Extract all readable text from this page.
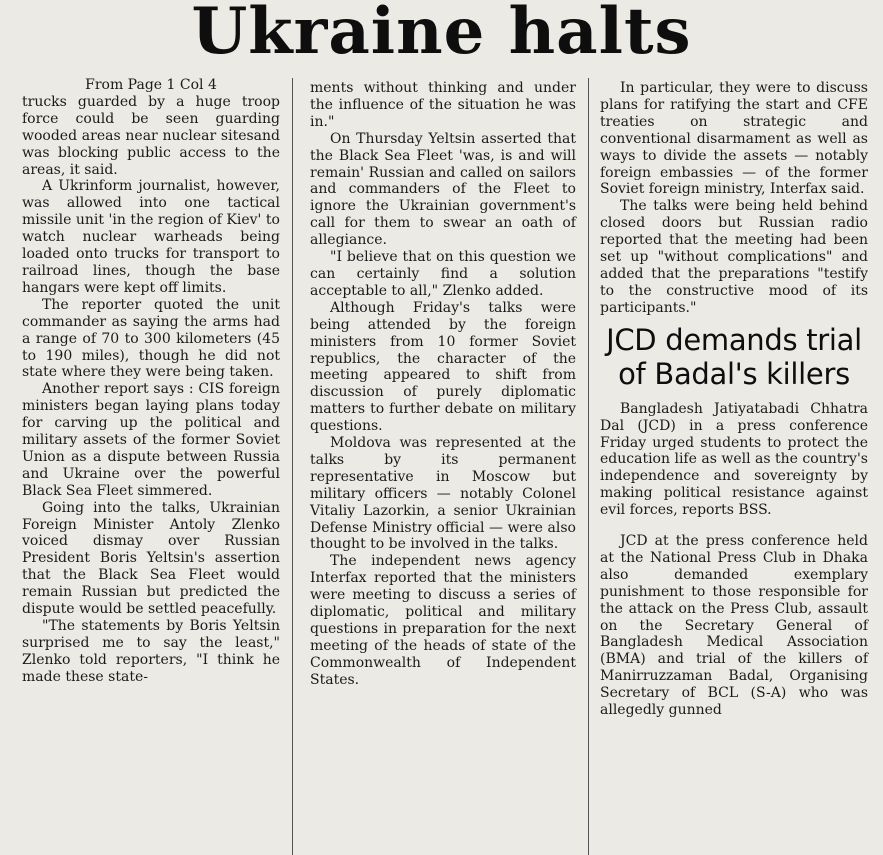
Ukraine halts

From Page 1 Col 4

trucks guarded by a huge troop force could be seen guarding wooded areas near nuclear sitesand was blocking public access to the areas, it said.

A Ukrinform journalist, however, was allowed into one tactical missile unit 'in the region of Kiev' to watch nuclear warheads being loaded onto trucks for transport to railroad lines, though the base hangars were kept off limits.

The reporter quoted the unit commander as saying the arms had a range of 70 to 300 kilometers (45 to 190 miles), though he did not state where they were being taken.

Another report says : CIS foreign ministers began laying plans today for carving up the political and military assets of the former Soviet Union as a dispute between Russia and Ukraine over the powerful Black Sea Fleet simmered.

Going into the talks, Ukrainian Foreign Minister Antoly Zlenko voiced dismay over Russian President Boris Yeltsin's assertion that the Black Sea Fleet would remain Russian but predicted the dispute would be settled peacefully.

"The statements by Boris Yeltsin surprised me to say the least," Zlenko told reporters, "I think he made these state-

ments without thinking and under the influence of the situation he was in."

On Thursday Yeltsin asserted that the Black Sea Fleet 'was, is and will remain' Russian and called on sailors and commanders of the Fleet to ignore the Ukrainian government's call for them to swear an oath of allegiance.

"I believe that on this question we can certainly find a solution acceptable to all," Zlenko added.

Although Friday's talks were being attended by the foreign ministers from 10 former Soviet republics, the character of the meeting appeared to shift from discussion of purely diplomatic matters to further debate on military questions.

Moldova was represented at the talks by its permanent representative in Moscow but military officers — notably Colonel Vitaliy Lazorkin, a senior Ukrainian Defense Ministry official — were also thought to be involved in the talks.

The independent news agency Interfax reported that the ministers were meeting to discuss a series of diplomatic, political and military questions in preparation for the next meeting of the heads of state of the Commonwealth of Independent States.

In particular, they were to discuss plans for ratifying the start and CFE treaties on strategic and conventional disarmament as well as ways to divide the assets — notably foreign embassies — of the former Soviet foreign ministry, Interfax said.

The talks were being held behind closed doors but Russian radio reported that the meeting had been set up "without complications" and added that the preparations "testify to the constructive mood of its participants."

JCD demands trial
of Badal's killers

Bangladesh Jatiyatabadi Chhatra Dal (JCD) in a press conference Friday urged students to protect the education life as well as the country's independence and sovereignty by making political resistance against evil forces, reports BSS.

JCD at the press conference held at the National Press Club in Dhaka also demanded exemplary punishment to those responsible for the attack on the Press Club, assault on the Secretary General of Bangladesh Medical Association (BMA) and trial of the killers of Manirruzzaman Badal, Organising Secretary of BCL (S-A) who was allegedly gunned
